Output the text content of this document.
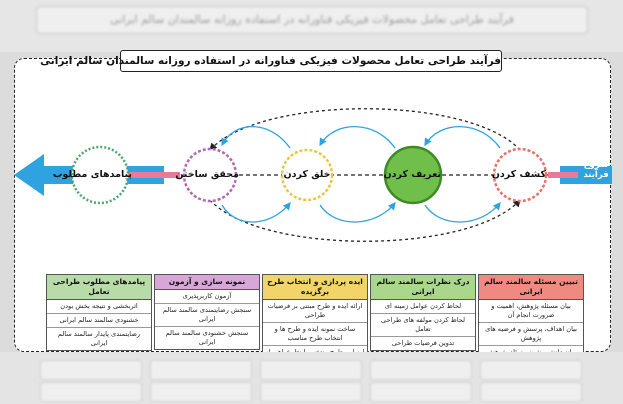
فرآیند طراحی تعامل محصولات فیزیکی فناورانه در استفاده روزانه سالمندان سالم ایرانی
فرآیند طراحی تعامل محصولات فیزیکی فناورانه در استفاده روزانه سالمندان سالم ایرانی
شروع فرآیند
کشف کردن
تعریف کردن
خلق کردن
محقق ساختن
پیامدهای مطلوب
تبیین مسئله سالمند سالم ایرانی
بیان مسئله پژوهش، اهمیت و ضرورت انجام آن
بیان اهداف، پرسش و فرضیه های پژوهش
درک نظرات سالمند سالم ایرانی
لحاظ کردن عوامل زمینه ای
لحاظ کردن مولفه های طراحی تعامل
تدوین فرضیات طراحی
ایده پردازی و انتخاب طرح برگزیده
ارائه ایده و طرح مبتنی بر فرضیات طراحی
ساخت نمونه ایده و طرح ها و انتخاب طرح مناسب
نمونه سازی و آزمون
آزمون کاربرپذیری
سنجش رضایتمندی سالمند سالم ایرانی
سنجش خشنودی سالمند سالم ایرانی
پیامدهای مطلوب طراحی تعامل
اثربخشی و نتیجه بخش بودن
خشنودی سالمند سالم ایرانی
رضایتمندی پایدار سالمند سالم ایرانی
